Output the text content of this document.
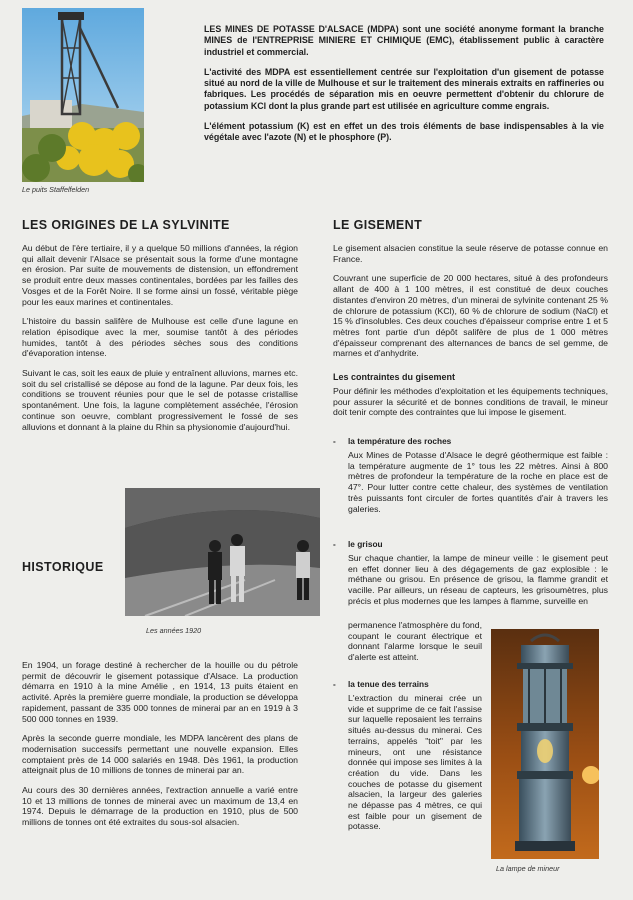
Le puits Staffelfelden

LES MINES DE POTASSE D'ALSACE (MDPA) sont une société anonyme formant la branche MINES de l'ENTREPRISE MINIERE ET CHIMIQUE (EMC), établissement public à caractère industriel et commercial.

L'activité des MDPA est essentiellement centrée sur l'exploitation d'un gisement de potasse situé au nord de la ville de Mulhouse et sur le traitement des minerais extraits en raffineries ou fabriques. Les procédés de séparation mis en oeuvre permettent d'obtenir du chlorure de potassium KCl dont la plus grande part est utilisée en agriculture comme engrais.

L'élément potassium (K) est en effet un des trois éléments de base indispensables à la vie végétale avec l'azote (N) et le phosphore (P).

LES ORIGINES DE LA SYLVINITE

Au début de l'ère tertiaire, il y a quelque 50 millions d'années, la région qui allait devenir l'Alsace se présentait sous la forme d'une montagne en érosion. Par suite de mouvements de distension, un effondrement se produit entre deux masses continentales, bordées par les failles des Vosges et de la Forêt Noire. Il se forme ainsi un fossé, véritable piège pour les eaux marines et continentales.

L'histoire du bassin salifère de Mulhouse est celle d'une lagune en relation épisodique avec la mer, soumise tantôt à des périodes humides, tantôt à des périodes sèches sous des conditions d'évaporation intense.

Suivant le cas, soit les eaux de pluie y entraînent alluvions, marnes etc. soit du sel cristallisé se dépose au fond de la lagune. Par deux fois, les conditions se trouvent réunies pour que le sel de potasse cristallise spontanément. Une fois, la lagune complètement asséchée, l'érosion continue son oeuvre, comblant progressivement le fossé de ses alluvions et donnant à la plaine du Rhin sa physionomie d'aujourd'hui.

LE GISEMENT

Le gisement alsacien constitue la seule réserve de potasse connue en France.

Couvrant une superficie de 20 000 hectares, situé à des profondeurs allant de 400 à 1 100 mètres, il est constitué de deux couches distantes d'environ 20 mètres, d'un minerai de sylvinite contenant 25 % de chlorure de potassium (KCl), 60 % de chlorure de sodium (NaCl) et 15 % d'insolubles. Ces deux couches d'épaisseur comprise entre 1 et 5 mètres font partie d'un dépôt salifère de plus de 1 000 mètres d'épaisseur comprenant des alternances de bancs de sel gemme, de marnes et d'anhydrite.

Les contraintes du gisement
Pour définir les méthodes d'exploitation et les équipements techniques, pour assurer la sécurité et de bonnes conditions de travail, le mineur doit tenir compte des contraintes que lui impose le gisement.
- la température des roches
Aux Mines de Potasse d'Alsace le degré géothermique est faible : la température augmente de 1° tous les 22 mètres. Ainsi à 800 mètres de profondeur la température de la roche en place est de 47°. Pour lutter contre cette chaleur, des systèmes de ventilation très puissants font circuler de fortes quantités d'air à travers les galeries.
- le grisou
Sur chaque chantier, la lampe de mineur veille : le gisement peut en effet donner lieu à des dégagements de gaz explosible : le méthane ou grisou. En présence de grisou, la flamme grandit et vacille. Par ailleurs, un réseau de capteurs, les grisoumètres, plus précis et plus modernes que les lampes à flamme, surveille en
permanence l'atmosphère du fond, coupant le courant électrique et donnant l'alarme lorsque le seuil d'alerte est atteint.
- la tenue des terrains
L'extraction du minerai crée un vide et supprime de ce fait l'assise sur laquelle reposaient les terrains situés au-dessus du minerai. Ces terrains, appelés "toit" par les mineurs, ont une résistance donnée qui impose ses limites à la création du vide. Dans les couches de potasse du gisement alsacien, la largeur des galeries ne dépasse pas 4 mètres, ce qui est faible pour un gisement de potasse.
La lampe de mineur
Les années 1920
HISTORIQUE

En 1904, un forage destiné à rechercher de la houille ou du pétrole permit de découvrir le gisement potassique d'Alsace. La production démarra en 1910 à la mine Amélie , en 1914, 13 puits étaient en activité. Après la première guerre mondiale, la production se développa rapidement, passant de 335 000 tonnes de minerai par an en 1919 à 3 500 000 tonnes en 1939.

Après la seconde guerre mondiale, les MDPA lancèrent des plans de modernisation successifs permettant une nouvelle expansion. Elles comptaient près de 14 000 salariés en 1948. Dès 1961, la production atteignait plus de 10 millions de tonnes de minerai par an.

Au cours des 30 dernières années, l'extraction annuelle a varié entre 10 et 13 millions de tonnes de minerai avec un maximum de 13,4 en 1974. Depuis le démarrage de la production en 1910, plus de 500 millions de tonnes ont été extraites du sous-sol alsacien.
